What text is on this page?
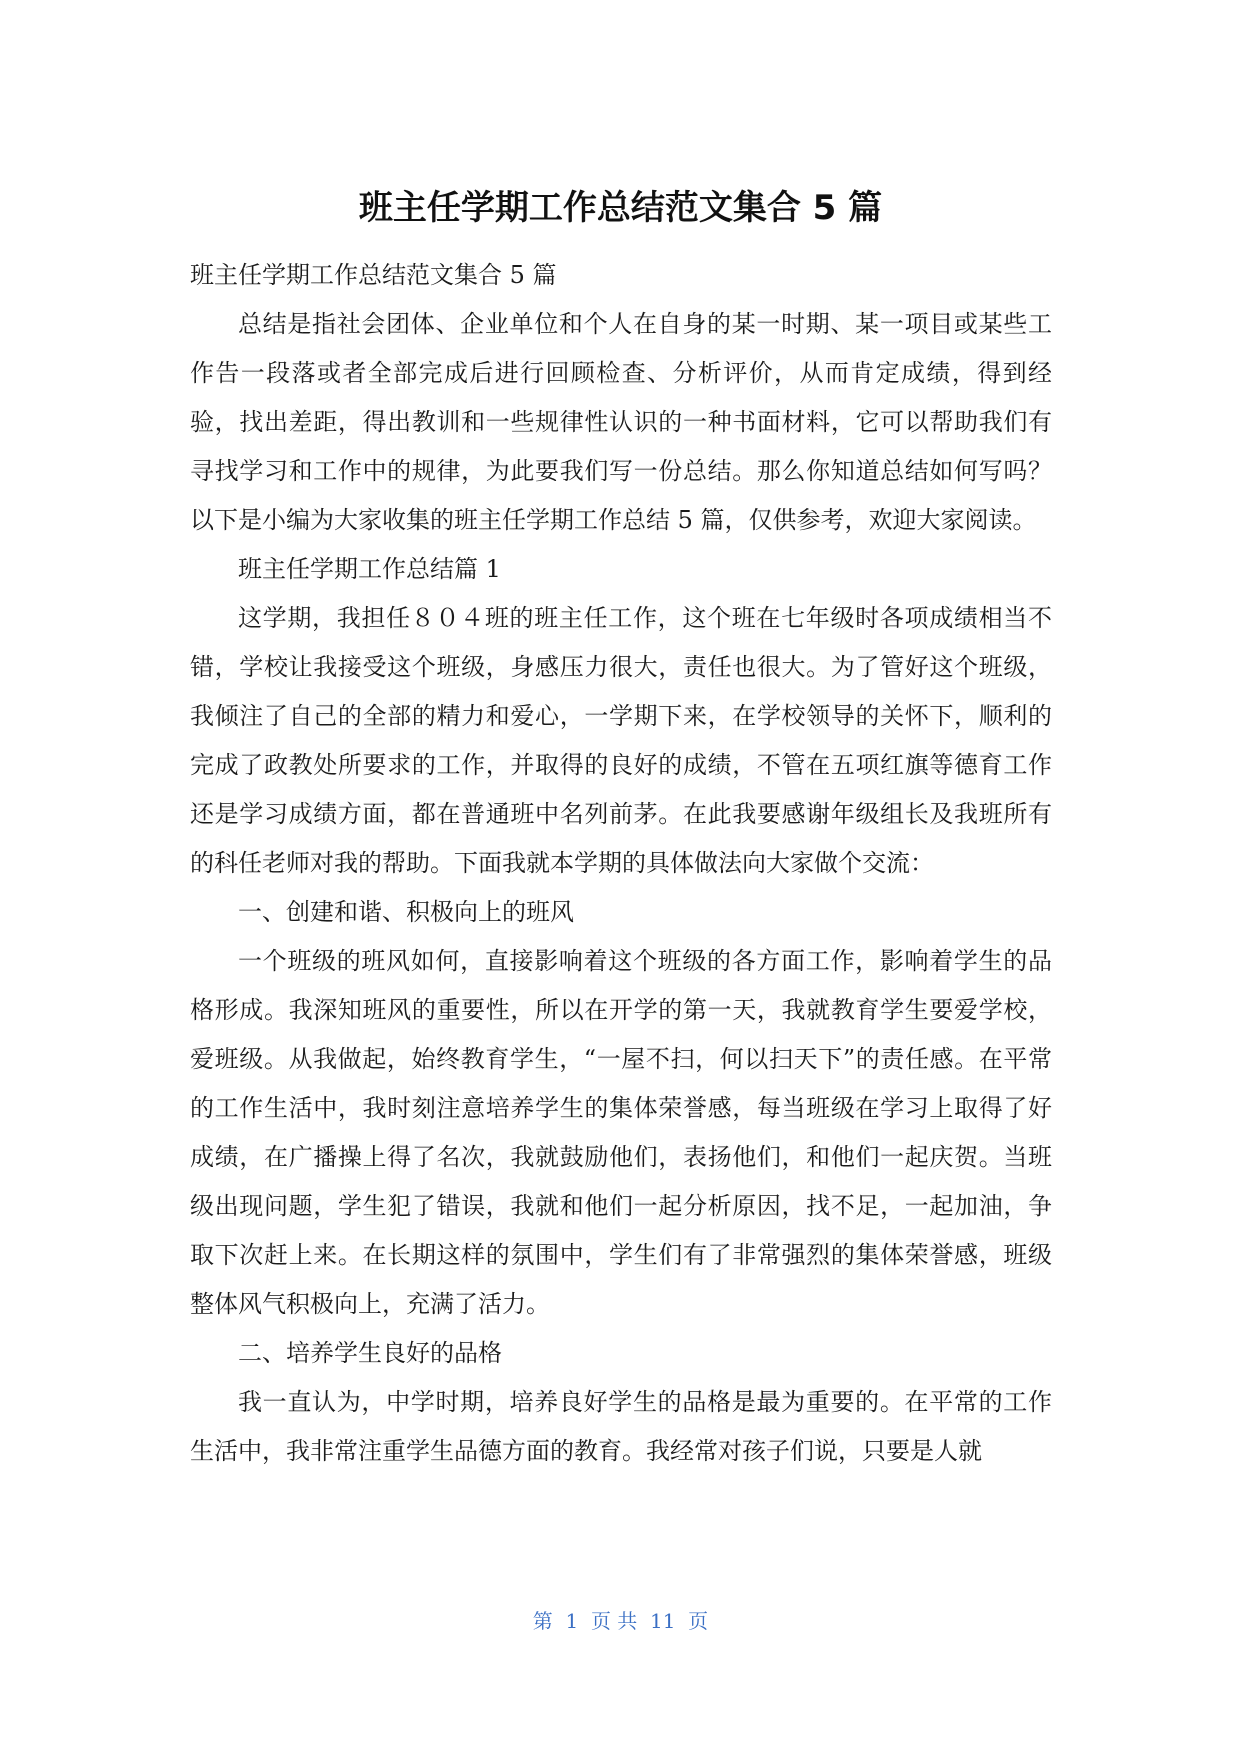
班主任学期工作总结范文集合 5 篇

班主任学期工作总结范文集合 5 篇

总结是指社会团体、企业单位和个人在自身的某一时期、某一项目或某些工作告一段落或者全部完成后进行回顾检查、分析评价，从而肯定成绩，得到经验，找出差距，得出教训和一些规律性认识的一种书面材料，它可以帮助我们有寻找学习和工作中的规律，为此要我们写一份总结。那么你知道总结如何写吗？以下是小编为大家收集的班主任学期工作总结 5 篇，仅供参考，欢迎大家阅读。

班主任学期工作总结篇 1

这学期，我担任８０４班的班主任工作，这个班在七年级时各项成绩相当不错，学校让我接受这个班级，身感压力很大，责任也很大。为了管好这个班级，我倾注了自己的全部的精力和爱心，一学期下来，在学校领导的关怀下，顺利的完成了政教处所要求的工作，并取得的良好的成绩，不管在五项红旗等德育工作还是学习成绩方面，都在普通班中名列前茅。在此我要感谢年级组长及我班所有的科任老师对我的帮助。下面我就本学期的具体做法向大家做个交流：

一、创建和谐、积极向上的班风

一个班级的班风如何，直接影响着这个班级的各方面工作，影响着学生的品格形成。我深知班风的重要性，所以在开学的第一天，我就教育学生要爱学校，爱班级。从我做起，始终教育学生，“一屋不扫，何以扫天下”的责任感。在平常的工作生活中，我时刻注意培养学生的集体荣誉感，每当班级在学习上取得了好成绩，在广播操上得了名次，我就鼓励他们，表扬他们，和他们一起庆贺。当班级出现问题，学生犯了错误，我就和他们一起分析原因，找不足，一起加油，争取下次赶上来。在长期这样的氛围中，学生们有了非常强烈的集体荣誉感，班级整体风气积极向上，充满了活力。

二、培养学生良好的品格

我一直认为，中学时期，培养良好学生的品格是最为重要的。在平常的工作生活中，我非常注重学生品德方面的教育。我经常对孩子们说，只要是人就

第  1  页 共  11  页
